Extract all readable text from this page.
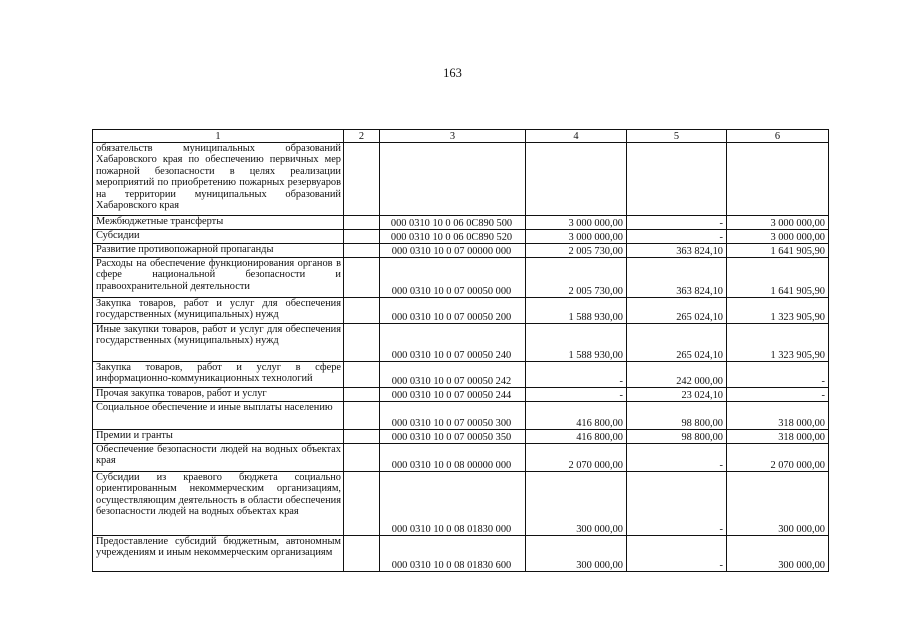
163
1	2	3	4	5	6
обязательств муниципальных образований Хабаровского края по обеспечению первичных мер пожарной безопасности в целях реализации мероприятий по приобретению пожарных резервуаров на территории муниципальных образований Хабаровского края					
Межбюджетные трансферты		000 0310 10 0 06 0С890 500	3 000 000,00	-	3 000 000,00
Субсидии		000 0310 10 0 06 0С890 520	3 000 000,00	-	3 000 000,00
Развитие противопожарной пропаганды		000 0310 10 0 07 00000 000	2 005 730,00	363 824,10	1 641 905,90
Расходы на обеспечение функционирования органов в сфере национальной безопасности и правоохранительной деятельности		000 0310 10 0 07 00050 000	2 005 730,00	363 824,10	1 641 905,90
Закупка товаров, работ и услуг для обеспечения государственных (муниципальных) нужд		000 0310 10 0 07 00050 200	1 588 930,00	265 024,10	1 323 905,90
Иные закупки товаров, работ и услуг для обеспечения государственных (муниципальных) нужд		000 0310 10 0 07 00050 240	1 588 930,00	265 024,10	1 323 905,90
Закупка товаров, работ и услуг в сфере информационно-коммуникационных технологий		000 0310 10 0 07 00050 242	-	242 000,00	-
Прочая закупка товаров, работ и услуг		000 0310 10 0 07 00050 244	-	23 024,10	-
Социальное обеспечение и иные выплаты населению		000 0310 10 0 07 00050 300	416 800,00	98 800,00	318 000,00
Премии и гранты		000 0310 10 0 07 00050 350	416 800,00	98 800,00	318 000,00
Обеспечение безопасности людей на водных объектах края		000 0310 10 0 08 00000 000	2 070 000,00	-	2 070 000,00
Субсидии из краевого бюджета социально ориентированным некоммерческим организациям, осуществляющим деятельность в области обеспечения безопасности людей на водных объектах края		000 0310 10 0 08 01830 000	300 000,00	-	300 000,00
Предоставление субсидий бюджетным, автономным учреждениям и иным некоммерческим организациям		000 0310 10 0 08 01830 600	300 000,00	-	300 000,00
